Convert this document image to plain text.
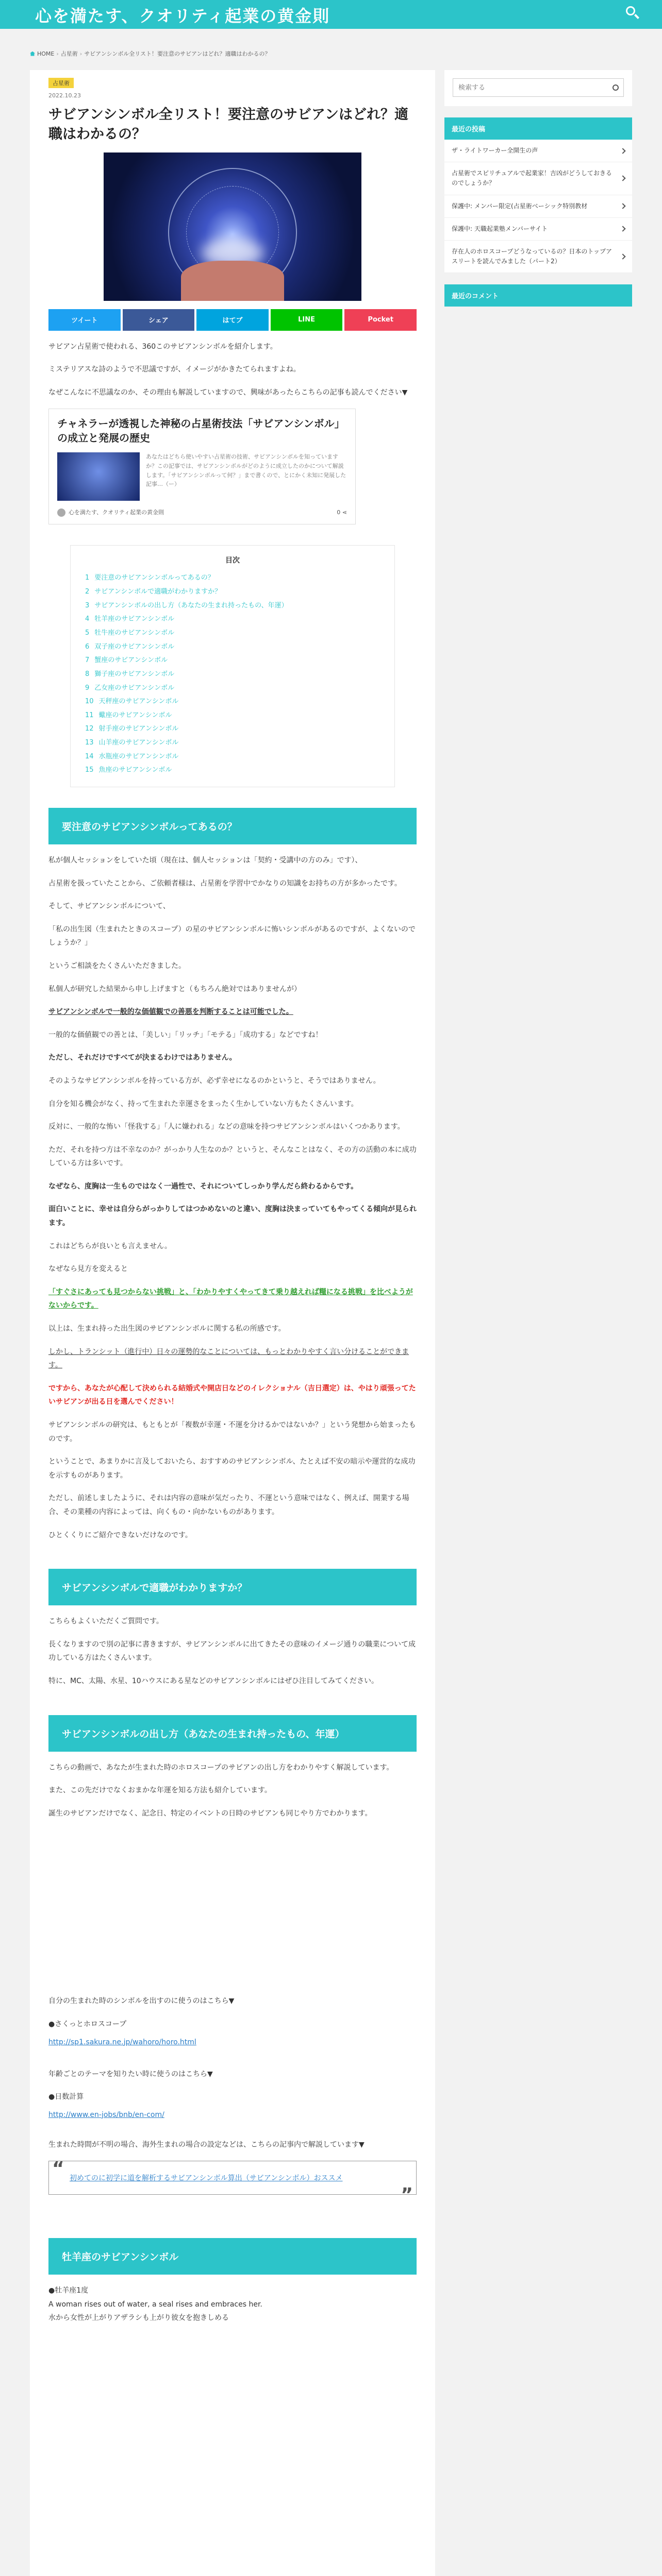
心を満たす、クオリティ起業の黄金則
HOME › 占星術 › サビアンシンボル全リスト！要注意のサビアンはどれ？適職はわかるの？
占星術
2022.10.23
サビアンシンボル全リスト！要注意のサビアンはどれ？適職はわかるの？
ツイート	シェア	はてブ	LINE	Pocket

サビアン占星術で使われる、360このサビアンシンボルを紹介します。

ミステリアスな詩のようで不思議ですが、イメージがかきたてられますよね。

なぜこんなに不思議なのか、その理由も解説していますので、興味があったらこちらの記事も読んでください▼

チャネラーが透視した神秘の占星術技法「サビアンシンボル」の成立と発展の歴史
あなたはどちら使いやすい占星術の技術、サビアンシンボルを知っていますか？この記事では、サビアンシンボルがどのように成立したのかについて解説します。「サビアンシンボルって何？」まで書くので、とにかく未知に発展した記事…（ー）
心を満たす、クオリティ起業の黄金則	0 ⋖
目次
1 要注意のサビアンシンボルってあるの？
2 サビアンシンボルで適職がわかりますか？
3 サビアンシンボルの出し方（あなたの生まれ持ったもの、年運）
4 牡羊座のサビアンシンボル
5 牡牛座のサビアンシンボル
6 双子座のサビアンシンボル
7 蟹座のサビアンシンボル
8 獅子座のサビアンシンボル
9 乙女座のサビアンシンボル
10 天秤座のサビアンシンボル
11 蠍座のサビアンシンボル
12 射手座のサビアンシンボル
13 山羊座のサビアンシンボル
14 水瓶座のサビアンシンボル
15 魚座のサビアンシンボル
要注意のサビアンシンボルってあるの？

私が個人セッションをしていた頃（現在は、個人セッションは「契約・受講中の方のみ」です）、

占星術を扱っていたことから、ご依頼者様は、占星術を学習中でかなりの知識をお持ちの方が多かったです。

そして、サビアンシンボルについて、

「私の出生図（生まれたときのスコープ）の星のサビアンシンボルに怖いシンボルがあるのですが、よくないのでしょうか？」

というご相談をたくさんいただきました。

私個人が研究した結果から申し上げますと（もちろん絶対ではありませんが）

サビアンシンボルで一般的な価値観での善悪を判断することは可能でした。

一般的な価値観での善とは、「美しい」「リッチ」「モテる」「成功する」などですね！

ただし、それだけですべてが決まるわけではありません。

そのようなサビアンシンボルを持っている方が、必ず幸せになるのかというと、そうではありません。

自分を知る機会がなく、持って生まれた幸運さをまったく生かしていない方もたくさんいます。

反対に、一般的な怖い「怪我する」「人に嫌われる」などの意味を持つサビアンシンボルはいくつかあります。

ただ、それを持つ方は不幸なのか？がっかり人生なのか？というと、そんなことはなく、その方の活動の本に成功している方は多いです。

なぜなら、度胸は一生ものではなく一過性で、それについてしっかり学んだら終わるからです。

面白いことに、幸せは自分らがっかりしてはつかめないのと違い、度胸は決まっていてもやってくる傾向が見られます。

これはどちらが良いとも言えません。

なぜなら見方を変えると

「すぐさにあっても見つからない挑戦」と、「わかりやすくやってきて乗り越えれば糧になる挑戦」を比べようがないからです。

以上は、生まれ持った出生図のサビアンシンボルに関する私の所感です。

しかし、トランシット（進行中）日々の運勢的なことについては、もっとわかりやすく言い分けることができます。

ですから、あなたが心配して決められる結婚式や開店日などのイレクショナル（吉日選定）は、やはり頑張ってたいサビアンが出る日を選んでください！

サビアンシンボルの研究は、もともとが「複数が幸運・不運を分けるかではないか？」という発想から始まったものです。

ということで、あまりかに言及しておいたら、おすすめのサビアンシンボル、たとえば不安の暗示や運営的な成功を示すものがあります。

ただし、前述しましたように、それは内容の意味が気だったり、不運という意味ではなく、例えば、開業する場合、その業種の内容によっては、向くもの・向かないものがあります。

ひとくくりにご紹介できないだけなのです。

サビアンシンボルで適職がわかりますか？

こちらもよくいただくご質問です。

長くなりますので別の記事に書きますが、サビアンシンボルに出てきたその意味のイメージ通りの職業について成功している方はたくさんいます。

特に、MC、太陽、水星、10ハウスにある星などのサビアンシンボルにはぜひ注目してみてください。

サビアンシンボルの出し方（あなたの生まれ持ったもの、年運）

こちらの動画で、あなたが生まれた時のホロスコープのサビアンの出し方をわかりやすく解説しています。

また、この先だけでなくおまかな年運を知る方法も紹介しています。

誕生のサビアンだけでなく、記念日、特定のイベントの日時のサビアンも同じやり方でわかります。

自分の生まれた時のシンボルを出すのに使うのはこちら▼

●さくっとホロスコープ

http://sp1.sakura.ne.jp/wahoro/horo.html

年齢ごとのテーマを知りたい時に使うのはこちら▼

●日数計算

http://www.en-jobs/bnb/en-com/

生まれた時間が不明の場合、海外生まれの場合の設定などは、こちらの記事内で解説しています▼

“ 初めてのに初学に道を解析するサビアンシンボル算出（サビアンシンボル）おススメ
”
牡羊座のサビアンシンボル

●牡羊座1度

A woman rises out of water, a seal rises and embraces her.

水から女性が上がりアザラシも上がり彼女を抱きしめる

検索する
最近の投稿
ザ・ライトワーカー全開生の声
占星術でスピリチュアルで起業家！吉凶がどうしておきるのでしょうか？
保護中: メンバー限定(占星術ベーシック特別教材
保護中: 天職起業塾メンバーサイト
存在人のホロスコープどうなっているの？日本のトップアスリートを読んでみました（パート2）
最近のコメント
